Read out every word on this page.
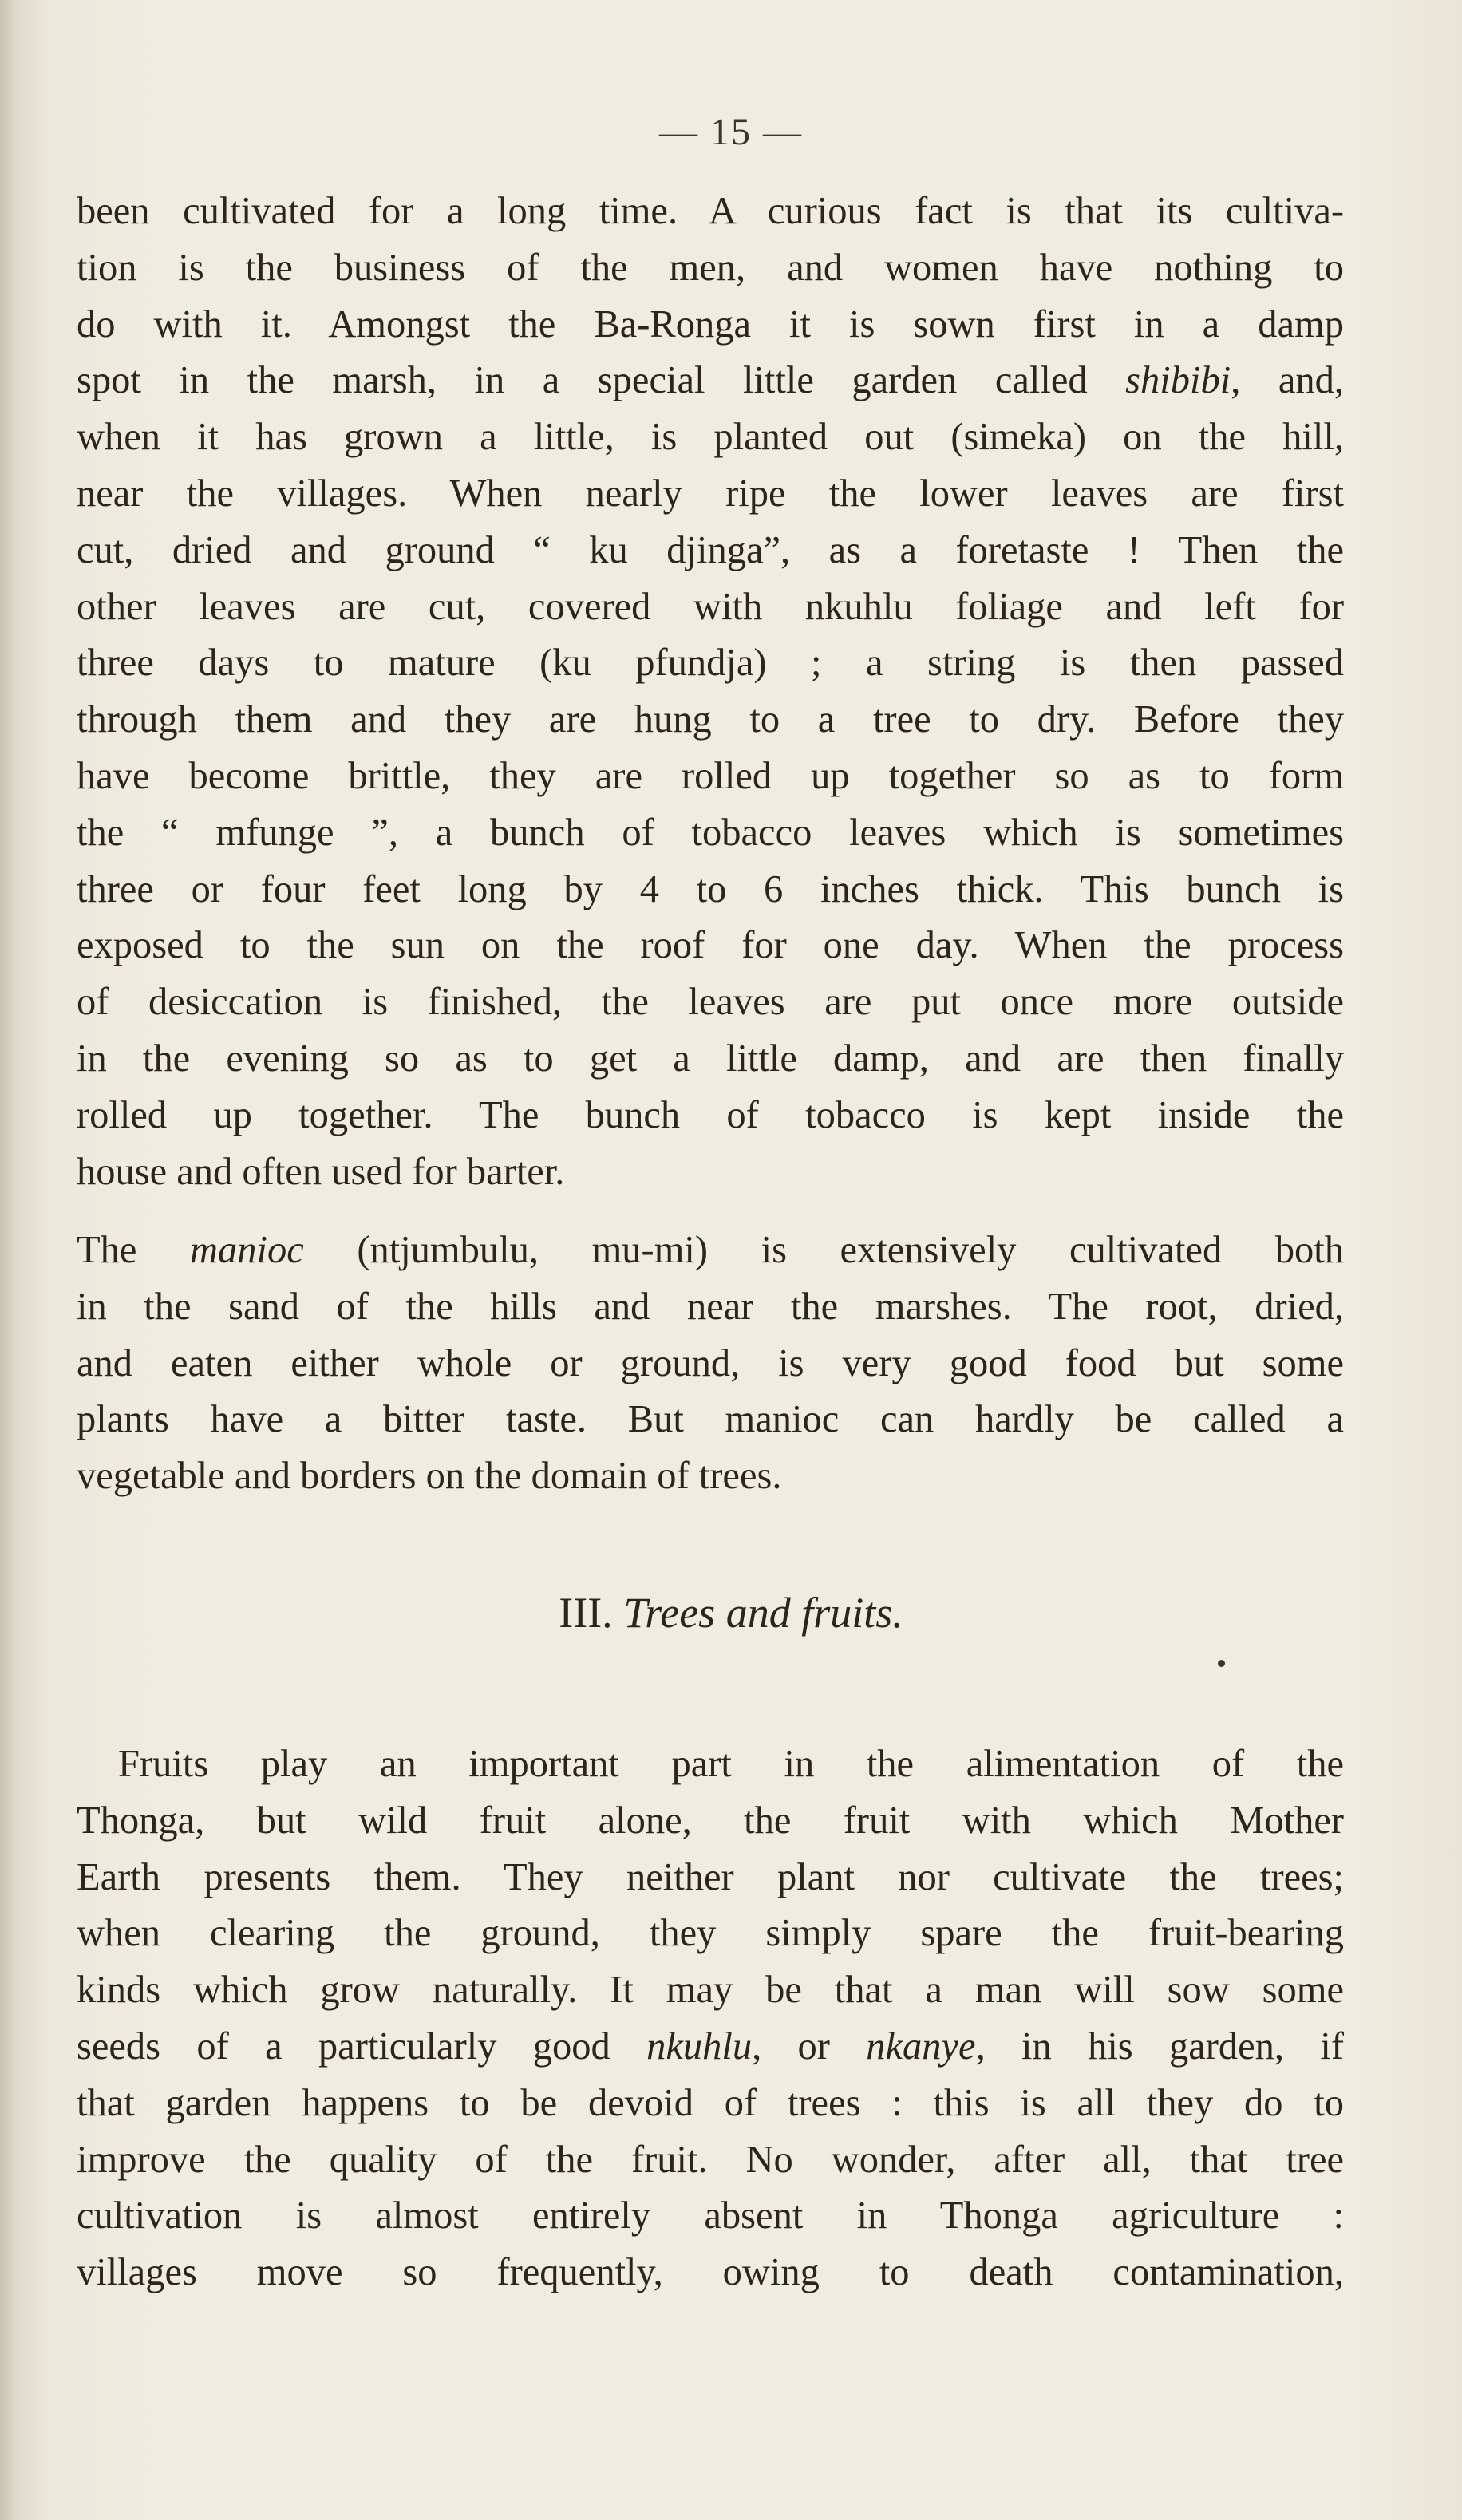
— 15 —
been cultivated for a long time. A curious fact is that its cultiva-
tion is the business of the men, and women have nothing to
do with it. Amongst the Ba-Ronga it is sown first in a damp
spot in the marsh, in a special little garden called shibibi, and,
when it has grown a little, is planted out (simeka) on the hill,
near the villages. When nearly ripe the lower leaves are first
cut, dried and ground “ ku djinga”, as a foretaste ! Then the
other leaves are cut, covered with nkuhlu foliage and left for
three days to mature (ku pfundja) ; a string is then passed
through them and they are hung to a tree to dry. Before they
have become brittle, they are rolled up together so as to form
the “ mfunge ”, a bunch of tobacco leaves which is sometimes
three or four feet long by 4 to 6 inches thick. This bunch is
exposed to the sun on the roof for one day. When the process
of desiccation is finished, the leaves are put once more outside
in the evening so as to get a little damp, and are then finally
rolled up together. The bunch of tobacco is kept inside the
house and often used for barter.
The manioc (ntjumbulu, mu-mi) is extensively cultivated both
in the sand of the hills and near the marshes. The root, dried,
and eaten either whole or ground, is very good food but some
plants have a bitter taste. But manioc can hardly be called a
vegetable and borders on the domain of trees.
III. Trees and fruits.
Fruits play an important part in the alimentation of the
Thonga, but wild fruit alone, the fruit with which Mother
Earth presents them. They neither plant nor cultivate the trees;
when clearing the ground, they simply spare the fruit-bearing
kinds which grow naturally. It may be that a man will sow some
seeds of a particularly good nkuhlu, or nkanye, in his garden, if
that garden happens to be devoid of trees : this is all they do to
improve the quality of the fruit. No wonder, after all, that tree
cultivation is almost entirely absent in Thonga agriculture :
villages move so frequently, owing to death contamination,
